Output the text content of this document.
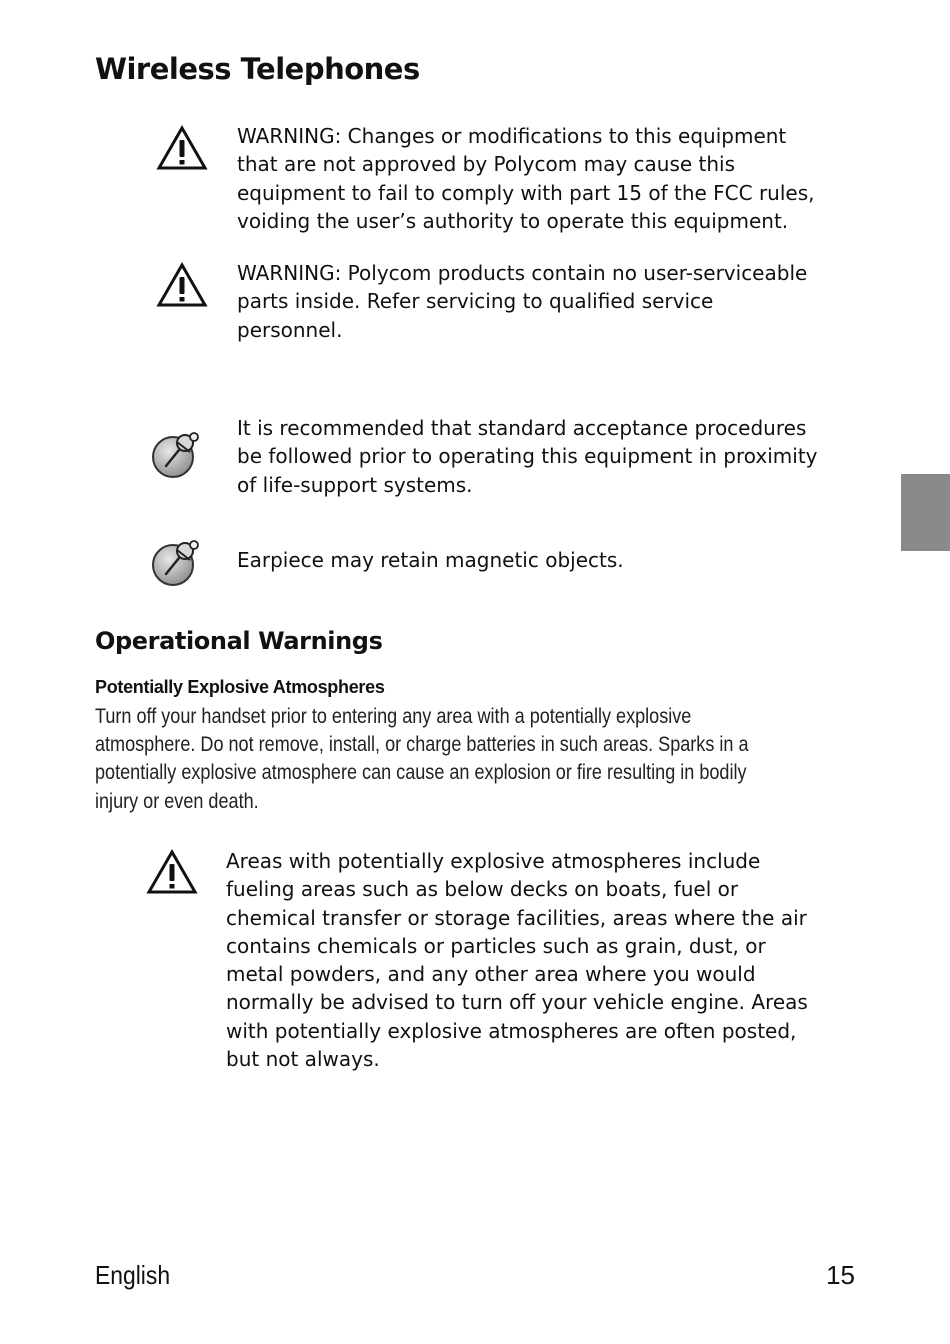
Wireless Telephones

WARNING: Changes or modifications to this equipment
that are not approved by Polycom may cause this
equipment to fail to comply with part 15 of the FCC rules,
voiding the user’s authority to operate this equipment.

WARNING: Polycom products contain no user-serviceable
parts inside. Refer servicing to qualified service
personnel.

It is recommended that standard acceptance procedures
be followed prior to operating this equipment in proximity
of life-support systems.

Earpiece may retain magnetic objects.

Operational Warnings
Potentially Explosive Atmospheres

Turn off your handset prior to entering any area with a potentially explosive
atmosphere. Do not remove, install, or charge batteries in such areas. Sparks in a
potentially explosive atmosphere can cause an explosion or fire resulting in bodily
injury or even death.

Areas with potentially explosive atmospheres include
fueling areas such as below decks on boats, fuel or
chemical transfer or storage facilities, areas where the air
contains chemicals or particles such as grain, dust, or
metal powders, and any other area where you would
normally be advised to turn off your vehicle engine. Areas
with potentially explosive atmospheres are often posted,
but not always.

English	15
